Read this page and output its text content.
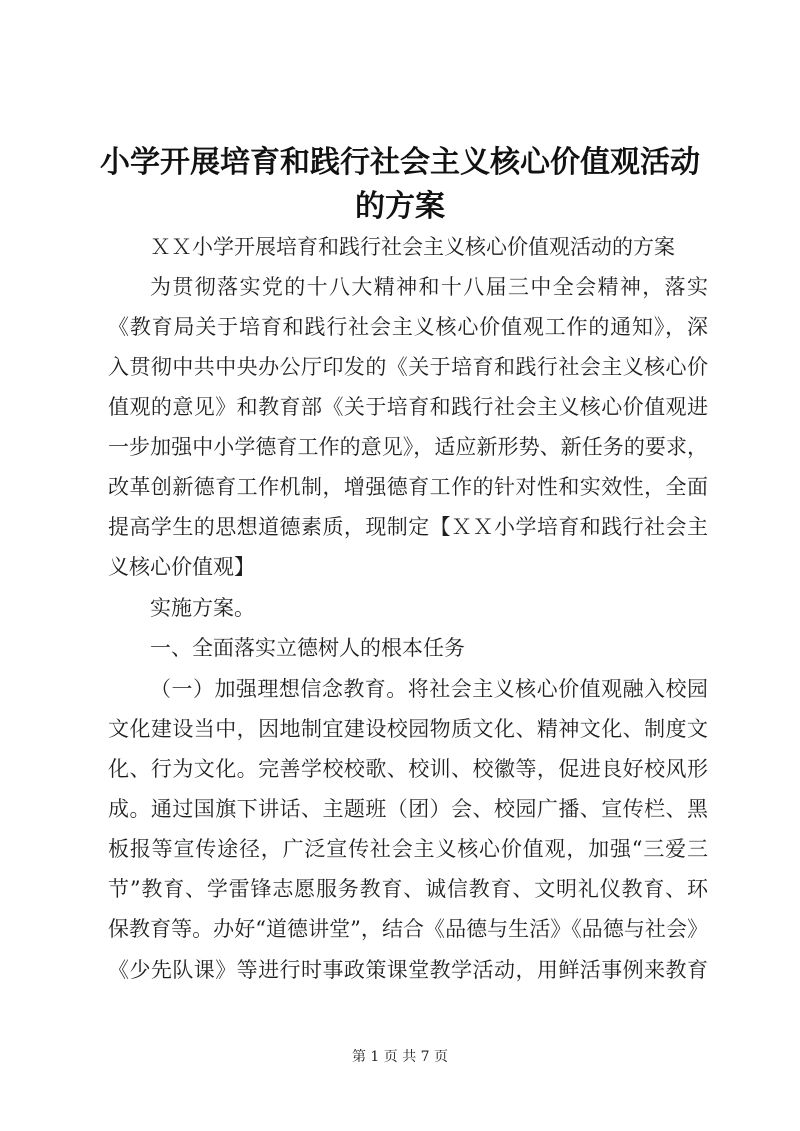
小学开展培育和践行社会主义核心价值观活动
的方案
ＸＸ小学开展培育和践行社会主义核心价值观活动的方案
为贯彻落实党的十八大精神和十八届三中全会精神，落实
《教育局关于培育和践行社会主义核心价值观工作的通知》，深
入贯彻中共中央办公厅印发的《关于培育和践行社会主义核心价
值观的意见》和教育部《关于培育和践行社会主义核心价值观进
一步加强中小学德育工作的意见》，适应新形势、新任务的要求，
改革创新德育工作机制，增强德育工作的针对性和实效性，全面
提高学生的思想道德素质，现制定【ＸＸ小学培育和践行社会主
义核心价值观】
实施方案。
一、全面落实立德树人的根本任务
（一）加强理想信念教育。将社会主义核心价值观融入校园
文化建设当中，因地制宜建设校园物质文化、精神文化、制度文
化、行为文化。完善学校校歌、校训、校徽等，促进良好校风形
成。通过国旗下讲话、主题班（团）会、校园广播、宣传栏、黑
板报等宣传途径，广泛宣传社会主义核心价值观，加强“三爱三
节”教育、学雷锋志愿服务教育、诚信教育、文明礼仪教育、环
保教育等。办好“道德讲堂”，结合《品德与生活》《品德与社会》
《少先队课》等进行时事政策课堂教学活动，用鲜活事例来教育
第 1 页 共 7 页
